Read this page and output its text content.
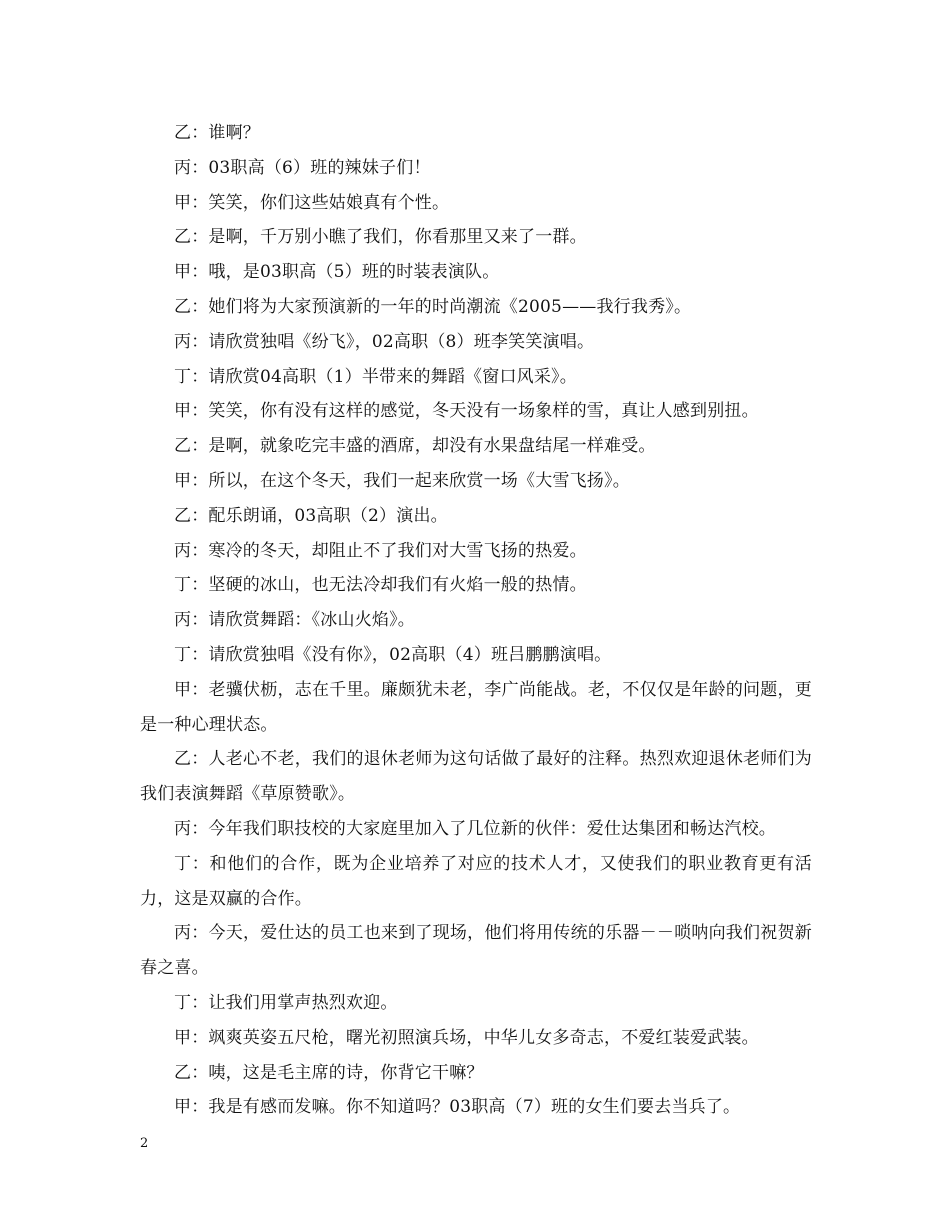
乙：谁啊？

丙：03职高（6）班的辣妹子们！

甲：笑笑，你们这些姑娘真有个性。

乙：是啊，千万别小瞧了我们，你看那里又来了一群。

甲：哦，是03职高（5）班的时装表演队。

乙：她们将为大家预演新的一年的时尚潮流《2005——我行我秀》。

丙：请欣赏独唱《纷飞》，02高职（8）班李笑笑演唱。

丁：请欣赏04高职（1）半带来的舞蹈《窗口风采》。

甲：笑笑，你有没有这样的感觉，冬天没有一场象样的雪，真让人感到别扭。

乙：是啊，就象吃完丰盛的酒席，却没有水果盘结尾一样难受。

甲：所以，在这个冬天，我们一起来欣赏一场《大雪飞扬》。

乙：配乐朗诵，03高职（2）演出。

丙：寒冷的冬天，却阻止不了我们对大雪飞扬的热爱。

丁：坚硬的冰山，也无法冷却我们有火焰一般的热情。

丙：请欣赏舞蹈：《冰山火焰》。

丁：请欣赏独唱《没有你》，02高职（4）班吕鹏鹏演唱。

甲：老骥伏枥，志在千里。廉颇犹未老，李广尚能战。老，不仅仅是年龄的问题，更是一种心理状态。

乙：人老心不老，我们的退休老师为这句话做了最好的注释。热烈欢迎退休老师们为我们表演舞蹈《草原赞歌》。

丙：今年我们职技校的大家庭里加入了几位新的伙伴：爱仕达集团和畅达汽校。

丁：和他们的合作，既为企业培养了对应的技术人才，又使我们的职业教育更有活力，这是双赢的合作。

丙：今天，爱仕达的员工也来到了现场，他们将用传统的乐器－－唢呐向我们祝贺新春之喜。

丁：让我们用掌声热烈欢迎。

甲：飒爽英姿五尺枪，曙光初照演兵场，中华儿女多奇志，不爱红装爱武装。

乙：咦，这是毛主席的诗，你背它干嘛？

甲：我是有感而发嘛。你不知道吗？03职高（7）班的女生们要去当兵了。

2
